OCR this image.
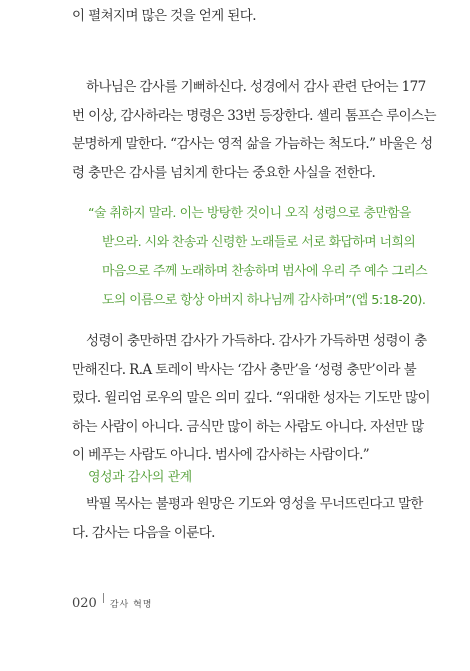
이 펼쳐지며 많은 것을 얻게 된다.

하나님은 감사를 기뻐하신다. 성경에서 감사 관련 단어는 177
번 이상, 감사하라는 명령은 33번 등장한다. 셸리 톰프슨 루이스는
분명하게 말한다. “감사는 영적 삶을 가늠하는 척도다.” 바울은 성
령 충만은 감사를 넘치게 한다는 중요한 사실을 전한다.

“술 취하지 말라. 이는 방탕한 것이니 오직 성령으로 충만함을
받으라. 시와 찬송과 신령한 노래들로 서로 화답하며 너희의
마음으로 주께 노래하며 찬송하며 범사에 우리 주 예수 그리스
도의 이름으로 항상 아버지 하나님께 감사하며”(엡 5:18-20).

성령이 충만하면 감사가 가득하다. 감사가 가득하면 성령이 충
만해진다. R.A 토레이 박사는 ‘감사 충만’을 ‘성령 충만’이라 불
렀다. 윌리엄 로우의 말은 의미 깊다. “위대한 성자는 기도만 많이
하는 사람이 아니다. 금식만 많이 하는 사람도 아니다. 자선만 많
이 베푸는 사람도 아니다. 범사에 감사하는 사람이다.”

영성과 감사의 관계

박필 목사는 불평과 원망은 기도와 영성을 무너뜨린다고 말한
다. 감사는 다음을 이룬다.

020 감사 혁명
